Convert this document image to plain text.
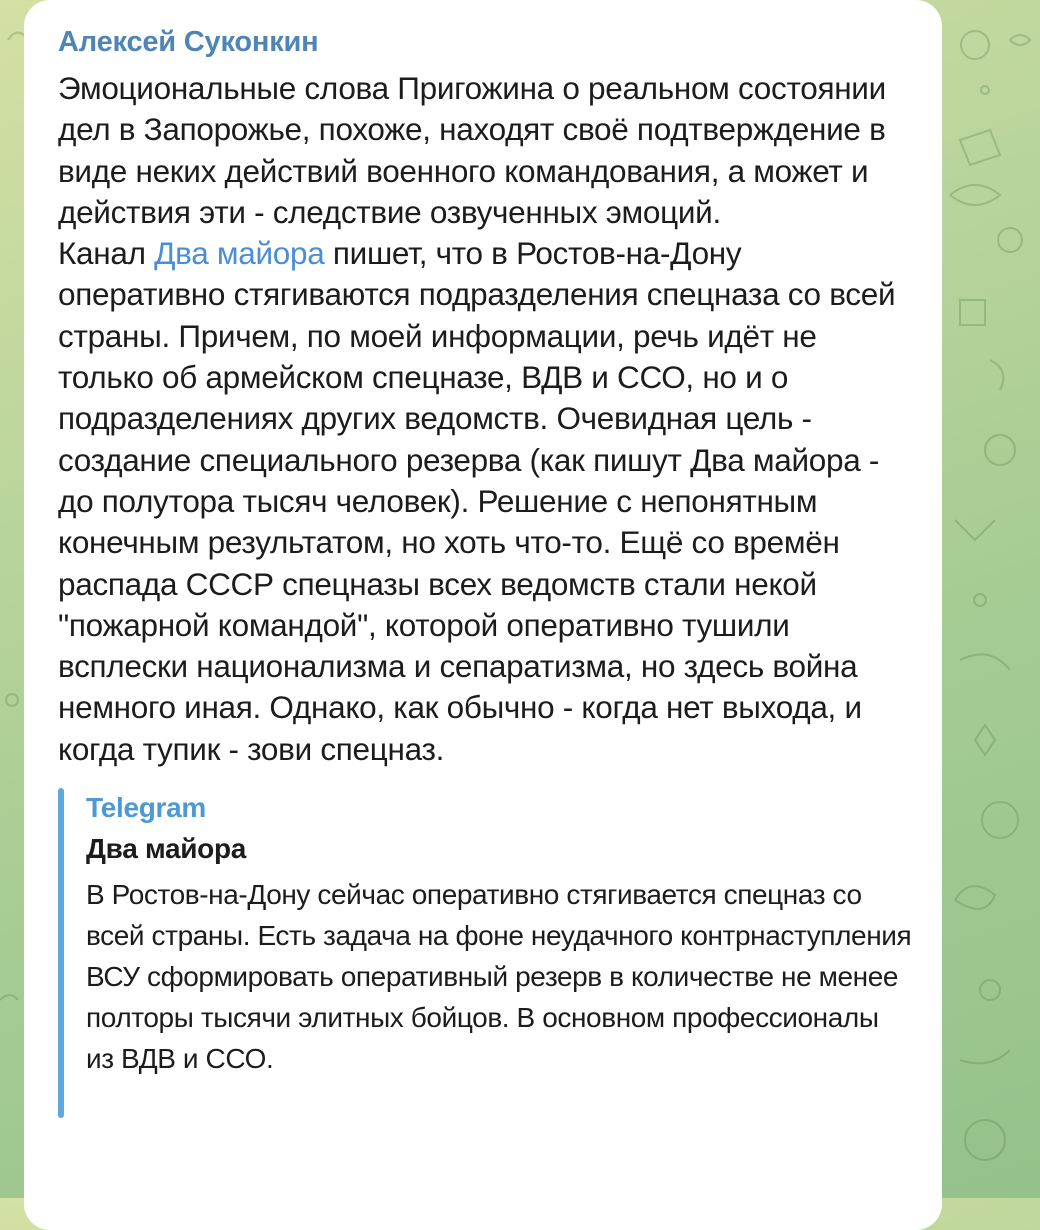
Алексей Суконкин

Эмоциональные слова Пригожина о реальном состоянии дел в Запорожье, похоже, находят своё подтверждение в виде неких действий военного командования, а может и действия эти - следствие озвученных эмоций.

Канал Два майора пишет, что в Ростов-на-Дону оперативно стягиваются подразделения спецназа со всей страны. Причем, по моей информации, речь идёт не только об армейском спецназе, ВДВ и ССО, но и о подразделениях других ведомств. Очевидная цель - создание специального резерва (как пишут Два майора - до полутора тысяч человек). Решение с непонятным конечным результатом, но хоть что-то. Ещё со времён распада СССР спецназы всех ведомств стали некой "пожарной командой", которой оперативно тушили всплески национализма и сепаратизма, но здесь война немного иная. Однако, как обычно - когда нет выхода, и когда тупик - зови спецназ.

Telegram
Два майора
В Ростов-на-Дону сейчас оперативно стягивается спецназ со всей страны. Есть задача на фоне неудачного контрнаступления ВСУ сформировать оперативный резерв в количестве не менее полторы тысячи элитных бойцов. В основном профессионалы из ВДВ и ССО.
